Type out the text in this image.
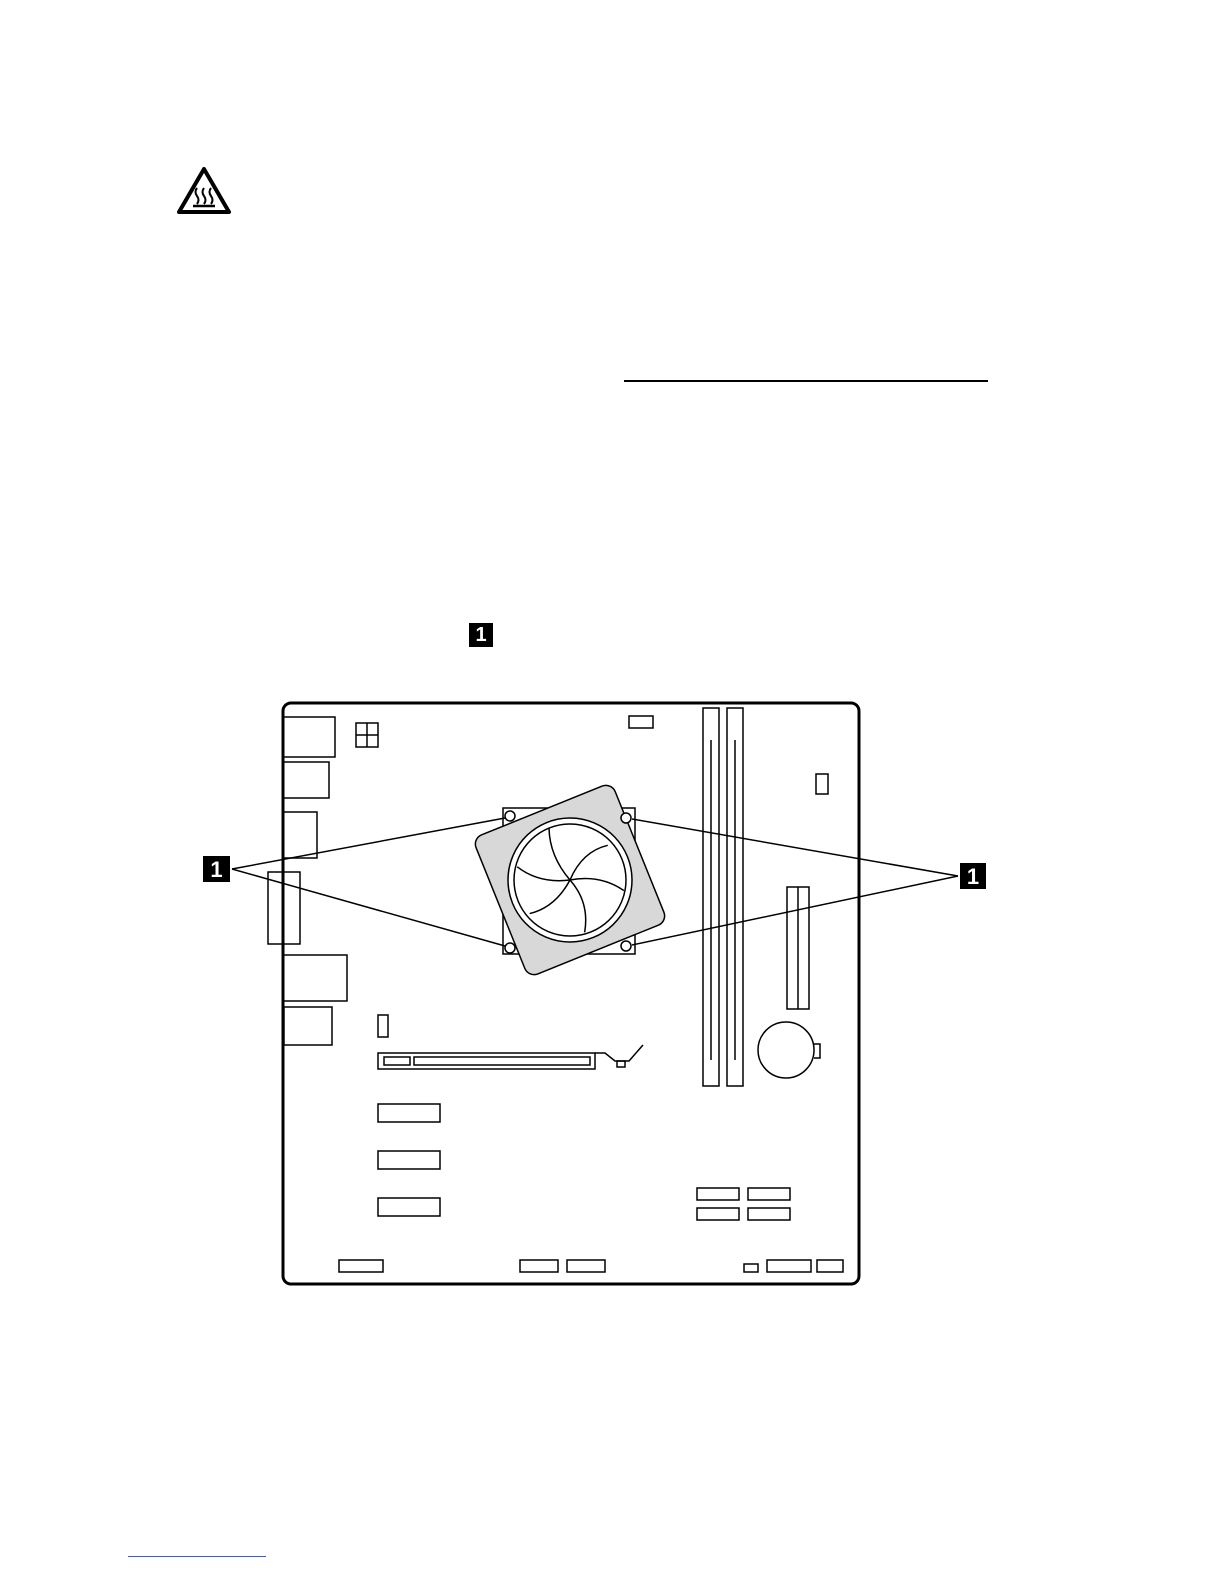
1
1	1
